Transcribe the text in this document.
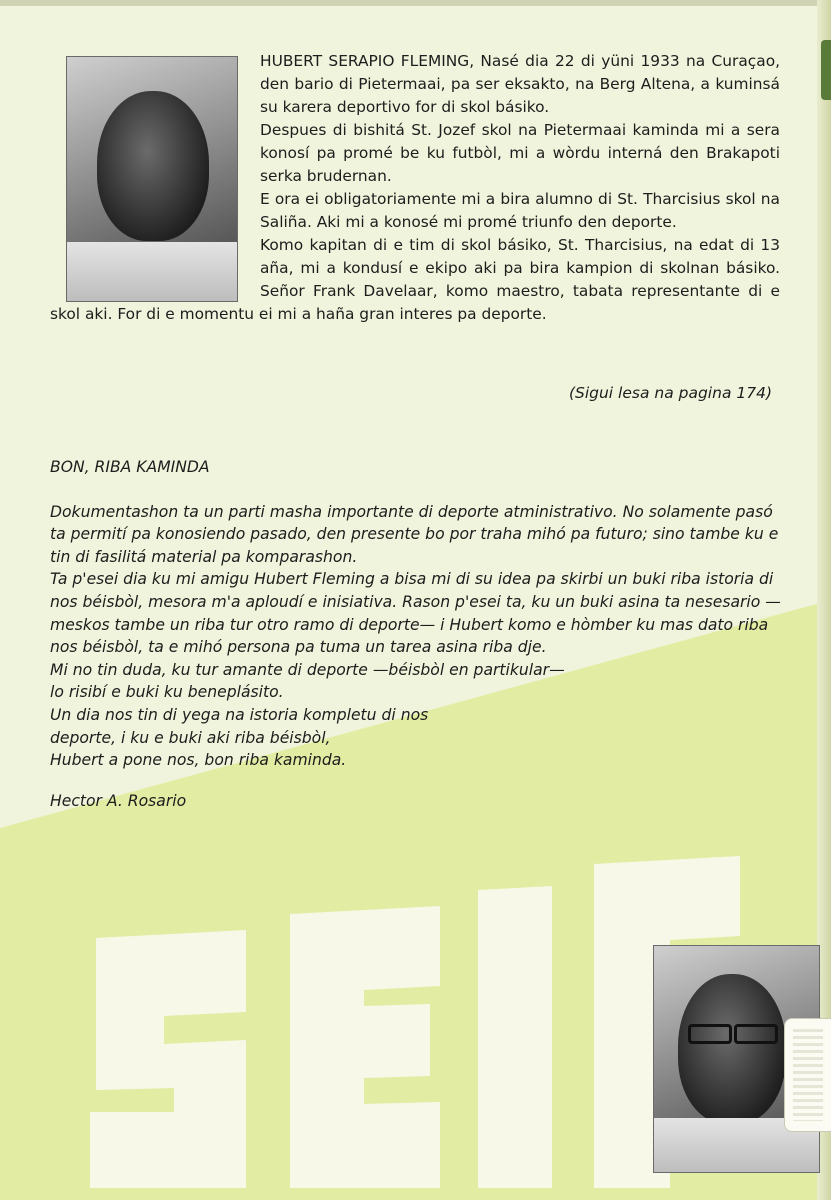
HUBERT SERAPIO FLEMING, Nasé dia 22 di yüni 1933 na Curaçao, den bario di Pietermaai, pa ser eksakto, na Berg Altena, a kuminsá su karera deportivo for di skol básiko.

Despues di bishitá St. Jozef skol na Pietermaai kaminda mi a sera konosí pa promé be ku futbòl, mi a wòrdu interná den Brakapoti serka brudernan.

E ora ei obligatoriamente mi a bira alumno di St. Tharcisius skol na Saliña. Aki mi a konosé mi promé triunfo den deporte.

Komo kapitan di e tim di skol básiko, St. Tharcisius, na edat di 13 aña, mi a kondusí e ekipo aki pa bira kampion di skolnan básiko. Señor Frank Davelaar, komo maestro, tabata representante di e skol aki. For di e momentu ei mi a haña gran interes pa deporte.

(Sigui lesa na pagina 174)

BON, RIBA KAMINDA

Dokumentashon ta un parti masha importante di deporte atministrativo. No solamente pasó ta permití pa konosiendo pasado, den presente bo por traha mihó pa futuro; sino tambe ku e tin di fasilitá material pa komparashon.

Ta p'esei dia ku mi amigu Hubert Fleming a bisa mi di su idea pa skirbi un buki riba istoria di nos béisbòl, mesora m'a aploudí e inisiativa. Rason p'esei ta, ku un buki asina ta nesesario —meskos tambe un riba tur otro ramo di deporte— i Hubert komo e hòmber ku mas dato riba nos béisbòl, ta e mihó persona pa tuma un tarea asina riba dje.

Mi no tin duda, ku tur amante di deporte —béisbòl en partikular—

lo risibí e buki ku beneplásito.

Un dia nos tin di yega na istoria kompletu di nos

deporte, i ku e buki aki riba béisbòl,

Hubert a pone nos, bon riba kaminda.

Hector A. Rosario
